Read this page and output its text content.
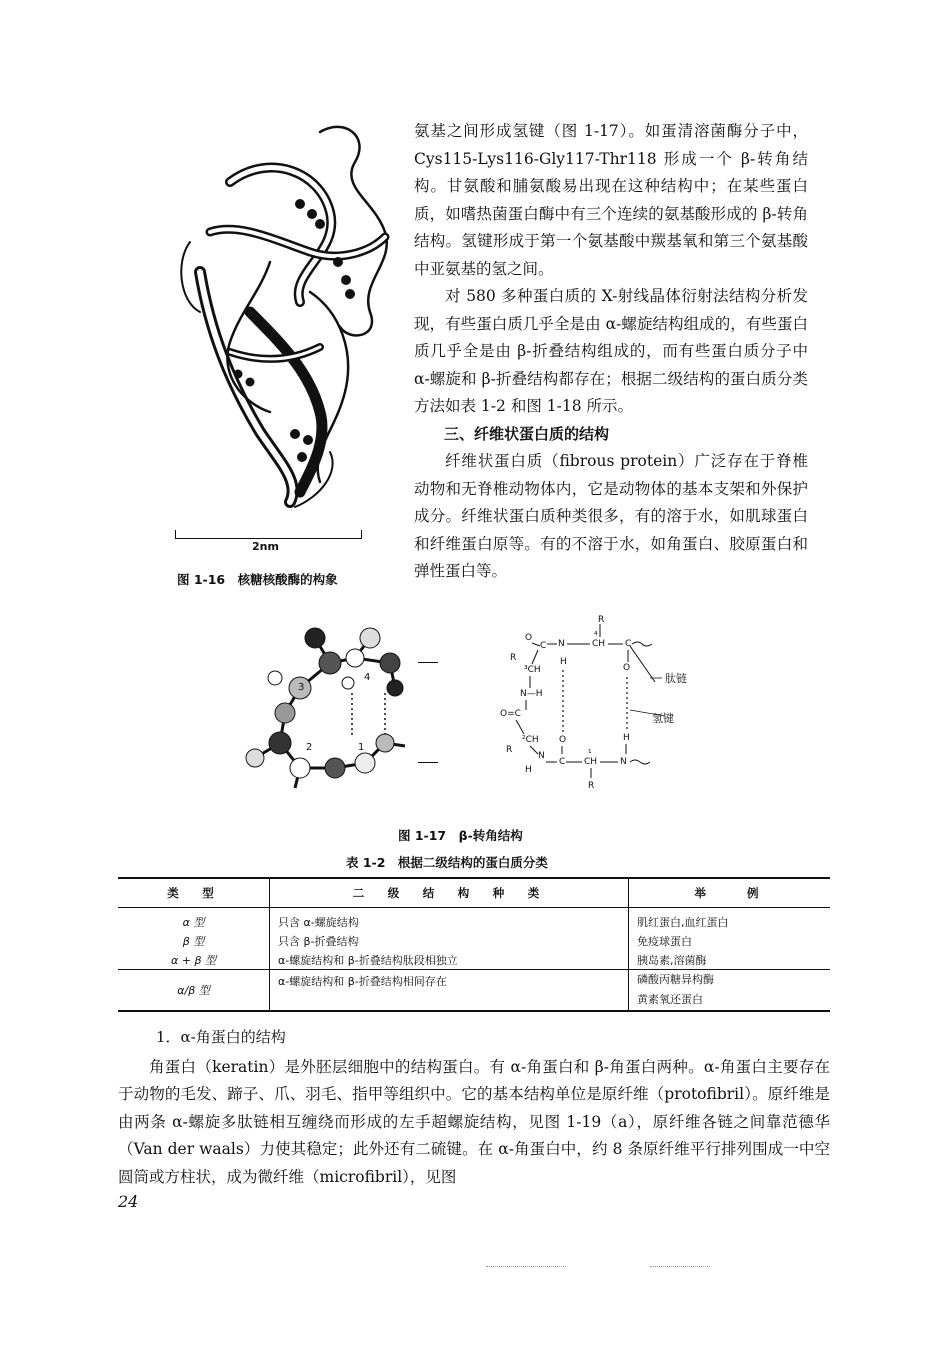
氨基之间形成氢键（图 1-17）。如蛋清溶菌酶分子中，Cys115-Lys116-Gly117-Thr118 形成一个 β-转角结构。甘氨酸和脯氨酸易出现在这种结构中；在某些蛋白质，如嗜热菌蛋白酶中有三个连续的氨基酸形成的 β-转角结构。氢键形成于第一个氨基酸中羰基氧和第三个氨基酸中亚氨基的氢之间。

对 580 多种蛋白质的 X-射线晶体衍射法结构分析发现，有些蛋白质几乎全是由 α-螺旋结构组成的，有些蛋白质几乎全是由 β-折叠结构组成的，而有些蛋白质分子中 α-螺旋和 β-折叠结构都存在；根据二级结构的蛋白质分类方法如表 1-2 和图 1-18 所示。

三、纤维状蛋白质的结构

纤维状蛋白质（fibrous protein）广泛存在于脊椎动物和无脊椎动物体内，它是动物体的基本支架和外保护成分。纤维状蛋白质种类很多，有的溶于水，如肌球蛋白和纤维蛋白原等。有的不溶于水，如角蛋白、胶原蛋白和弹性蛋白等。

2nm
图 1-16　核糖核酸酶的构象
1
2
3
4
R
O
C N	CH
⁴
C
R
³CH
H
O
N—H
O=C
²CH
R
O	H
N
C CH
¹
N
H
R
肽链
氢键
图 1-17　β-转角结构
表 1-2　根据二级结构的蛋白质分类
类　型	二　级　结　构　种　类	举　　例
α 型	只含 α-螺旋结构	肌红蛋白,血红蛋白
β 型	只含 β-折叠结构	免疫球蛋白
α + β 型	α-螺旋结构和 β-折叠结构肽段相独立	胰岛素,溶菌酶
α/β 型	α-螺旋结构和 β-折叠结构相间存在	磷酸丙糖异构酶
黄素氧还蛋白

1．α-角蛋白的结构

角蛋白（keratin）是外胚层细胞中的结构蛋白。有 α-角蛋白和 β-角蛋白两种。α-角蛋白主要存在于动物的毛发、蹄子、爪、羽毛、指甲等组织中。它的基本结构单位是原纤维（protofibril）。原纤维是由两条 α-螺旋多肽链相互缠绕而形成的左手超螺旋结构，见图 1-19（a），原纤维各链之间靠范德华（Van der waals）力使其稳定；此外还有二硫键。在 α-角蛋白中，约 8 条原纤维平行排列围成一中空圆筒或方柱状，成为微纤维（microfibril），见图

24
